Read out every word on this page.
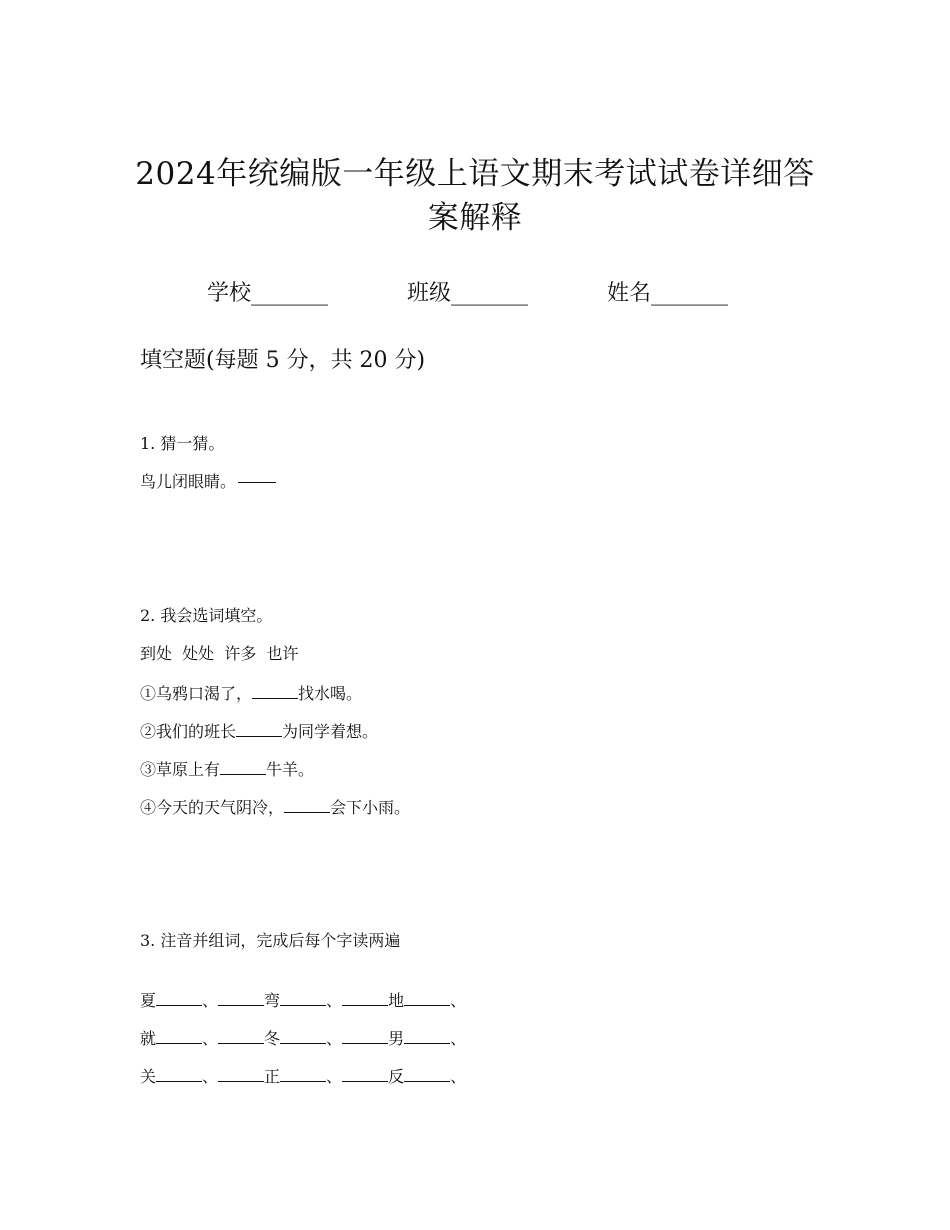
2024年统编版一年级上语文期末考试试卷详细答
案解释
学校_______	班级_______	姓名_______
填空题(每题 5 分，共 20 分)
1. 猜一猜。
鸟儿闭眼睛。
2. 我会选词填空。
到处  处处  许多  也许
①乌鸦口渴了，	找水喝。
②我们的班长	为同学着想。
③草原上有	牛羊。
④今天的天气阴冷，	会下小雨。
3. 注音并组词，完成后每个字读两遍

夏	、	弯	、	地	、

就	、	冬	、	男	、

关	、	正	、	反	、
